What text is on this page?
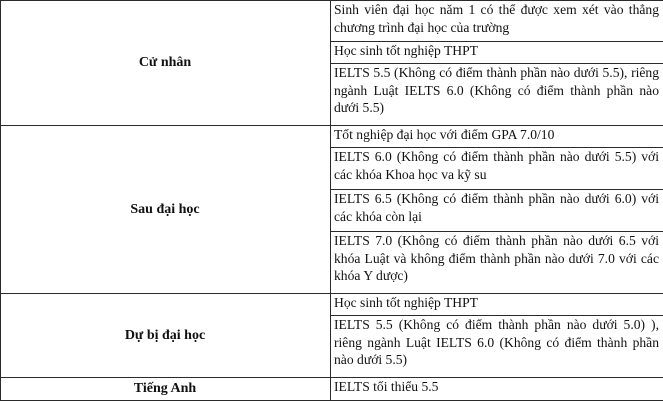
Cử nhân	Sinh viên đại học năm 1 có thể được xem xét vào thẳng chương trình đại học của trường
	Học sinh tốt nghiệp THPT
	IELTS 5.5 (Không có điểm thành phần nào dưới 5.5), riêng ngành Luật IELTS 6.0 (Không có điểm thành phần nào dưới 5.5)
Sau đại học	Tốt nghiệp đại học với điểm GPA 7.0/10
	IELTS 6.0 (Không có điểm thành phần nào dưới 5.5) với các khóa Khoa học va kỹ su
	IELTS 6.5 (Không có điểm thành phần nào dưới 6.0) với các khóa còn lại
	IELTS 7.0 (Không có điểm thành phần nào dưới 6.5 với khóa Luật và không điểm thành phần nào dưới 7.0 với các khóa Y dược)
Dự bị đại học	Học sinh tốt nghiệp THPT
	IELTS 5.5 (Không có điểm thành phần nào dưới 5.0) ), riêng ngành Luật IELTS 6.0 (Không có điểm thành phần nào dưới 5.5)
Tiếng Anh	IELTS tối thiểu 5.5
